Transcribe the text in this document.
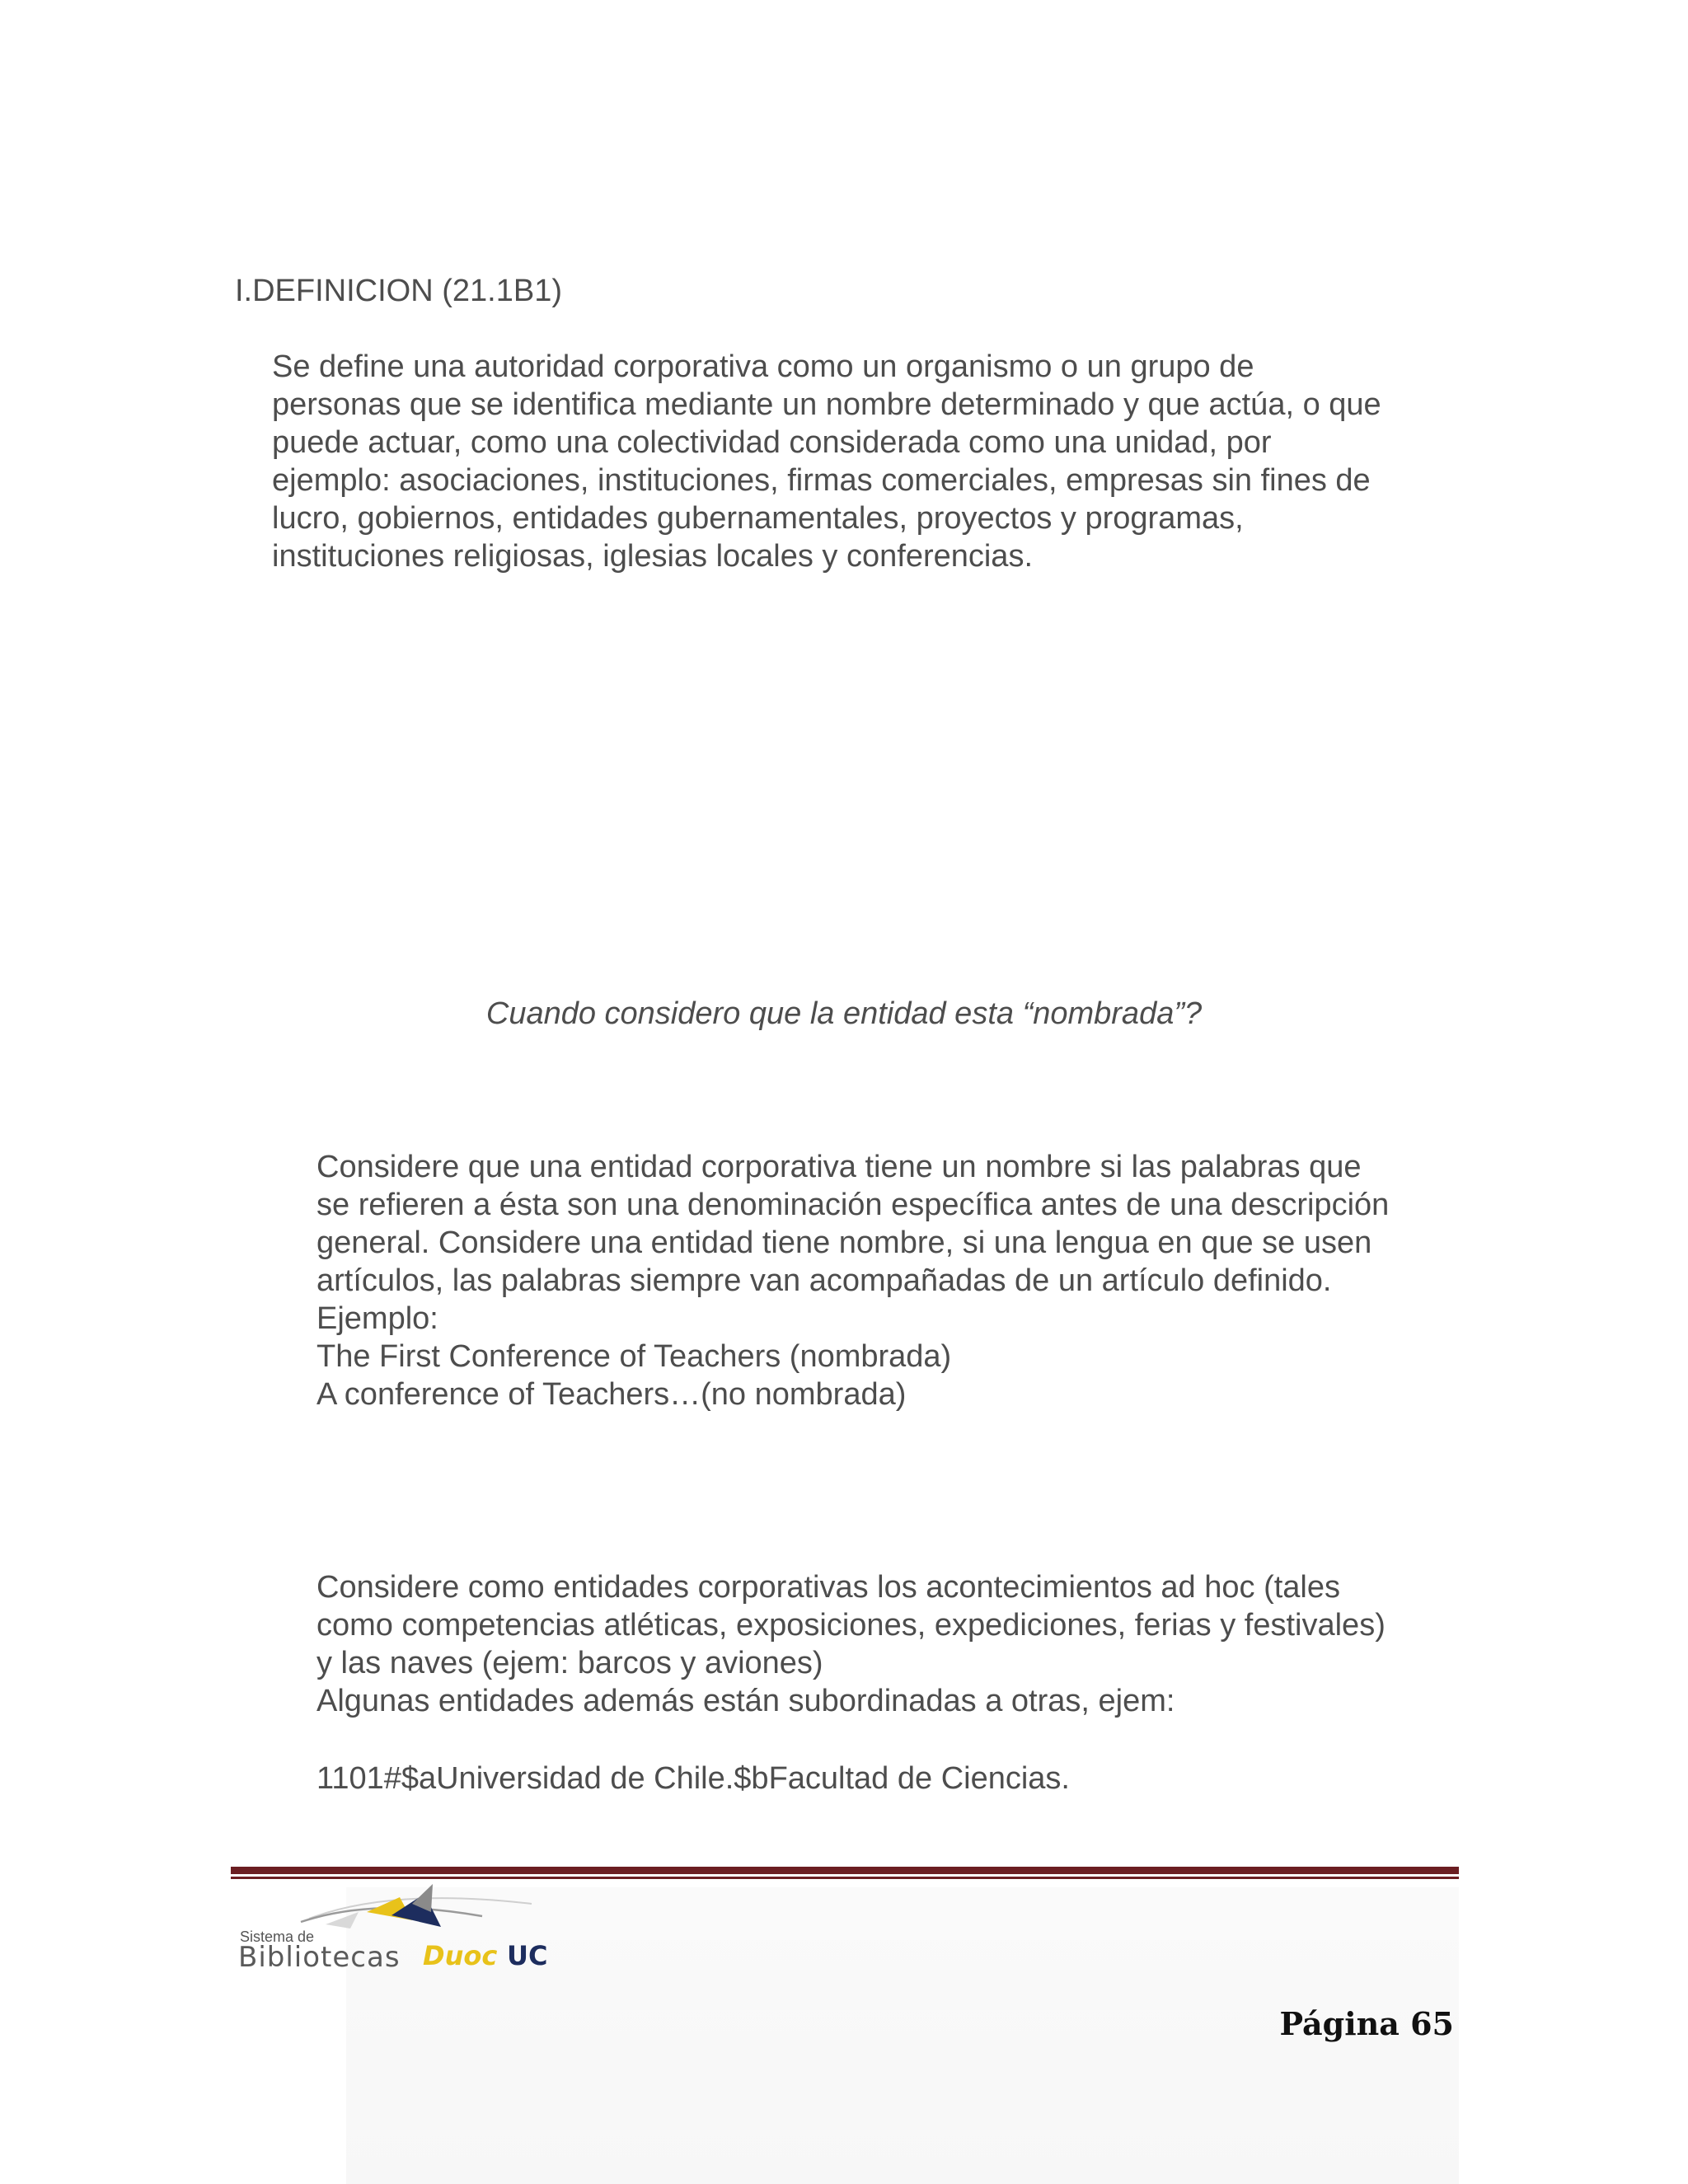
I.DEFINICION (21.1B1)
Se define una autoridad corporativa como un organismo o un grupo de
personas que se identifica mediante un nombre determinado y que actúa, o que
puede actuar, como una colectividad considerada como una unidad, por
ejemplo: asociaciones, instituciones, firmas comerciales, empresas sin fines de
lucro, gobiernos, entidades gubernamentales, proyectos y programas,
instituciones religiosas, iglesias locales y conferencias.
Cuando considero que la entidad esta “nombrada”?
Considere que una entidad corporativa tiene un nombre si las palabras que
se refieren a ésta son una denominación específica antes de una descripción
general. Considere una entidad tiene nombre, si una lengua en que se usen
artículos, las palabras siempre van acompañadas de un artículo definido.
Ejemplo:
The First Conference of Teachers (nombrada)
A conference of Teachers…(no nombrada)
Considere como entidades corporativas los acontecimientos ad hoc (tales
como competencias atléticas, exposiciones, expediciones, ferias y festivales)
y las naves (ejem: barcos y aviones)
Algunas entidades además están subordinadas a otras, ejem:
1101#$aUniversidad de Chile.$bFacultad de Ciencias.
Sistema de
Bibliotecas Duoc UC
Página 65
